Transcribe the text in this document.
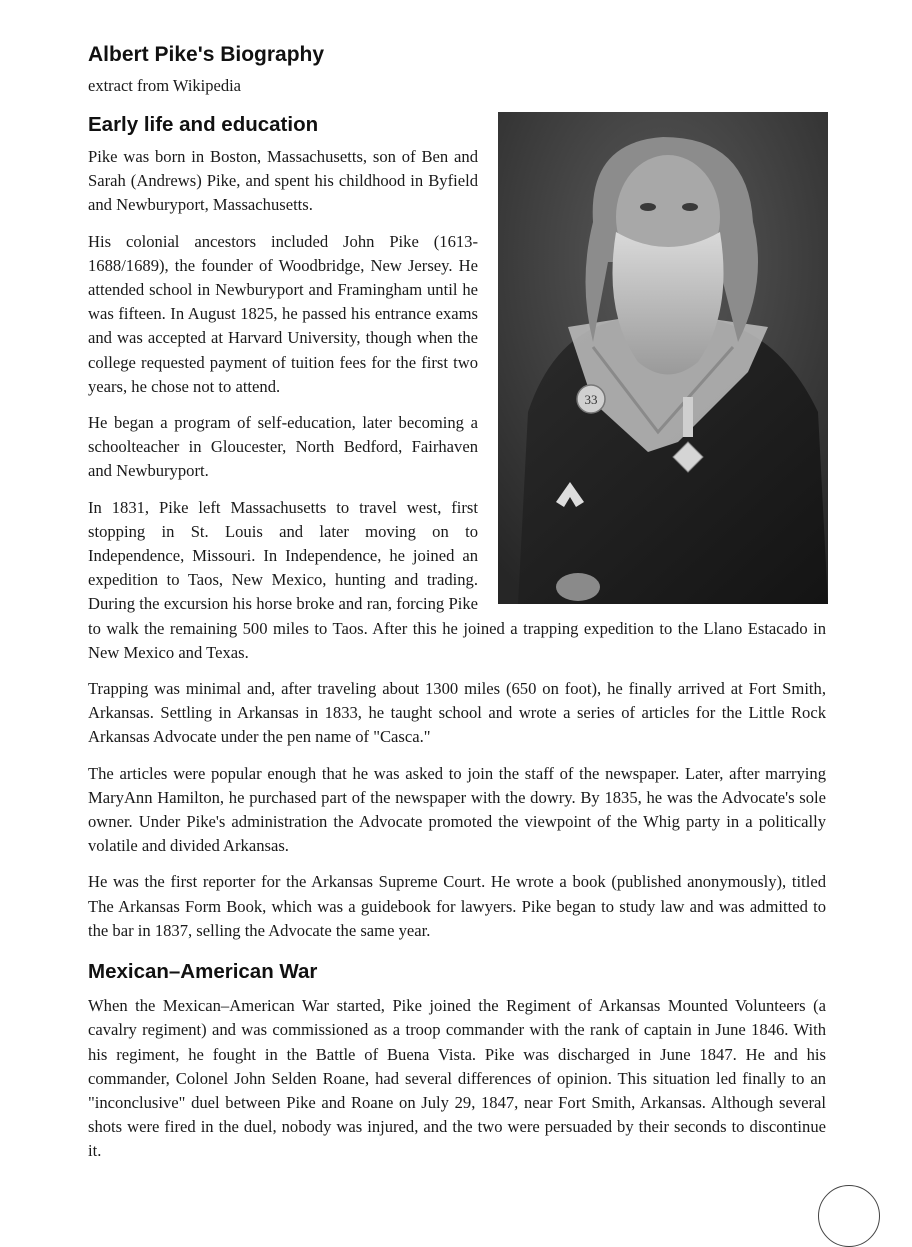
Albert Pike's Biography
extract from Wikipedia
Early life and education
33

Pike was born in Boston, Massachusetts, son of Ben and Sarah (Andrews) Pike, and spent his childhood in Byfield and Newburyport, Massachusetts.

His colonial ancestors included John Pike (1613-1688/1689), the founder of Woodbridge, New Jersey. He attended school in Newburyport and Framingham until he was fifteen. In August 1825, he passed his entrance exams and was accepted at Harvard University, though when the college requested payment of tuition fees for the first two years, he chose not to attend.

He began a program of self-education, later becoming a schoolteacher in Gloucester, North Bedford, Fairhaven and Newburyport.

In 1831, Pike left Massachusetts to travel west, first stopping in St. Louis and later moving on to Independence, Missouri. In Independence, he joined an expedition to Taos, New Mexico, hunting and trading. During the excursion his horse broke and ran, forcing Pike to walk the remaining 500 miles to Taos. After this he joined a trapping expedition to the Llano Estacado in New Mexico and Texas.

Trapping was minimal and, after traveling about 1300 miles (650 on foot), he finally arrived at Fort Smith, Arkansas. Settling in Arkansas in 1833, he taught school and wrote a series of articles for the Little Rock Arkansas Advocate under the pen name of "Casca."

The articles were popular enough that he was asked to join the staff of the newspaper. Later, after marrying MaryAnn Hamilton, he purchased part of the newspaper with the dowry. By 1835, he was the Advocate's sole owner. Under Pike's administration the Advocate promoted the viewpoint of the Whig party in a politically volatile and divided Arkansas.

He was the first reporter for the Arkansas Supreme Court. He wrote a book (published anonymously), titled The Arkansas Form Book, which was a guidebook for lawyers. Pike began to study law and was admitted to the bar in 1837, selling the Advocate the same year.

Mexican–American War

When the Mexican–American War started, Pike joined the Regiment of Arkansas Mounted Volunteers (a cavalry regiment) and was commissioned as a troop commander with the rank of captain in June 1846. With his regiment, he fought in the Battle of Buena Vista. Pike was discharged in June 1847. He and his commander, Colonel John Selden Roane, had several differences of opinion. This situation led finally to an "inconclusive" duel between Pike and Roane on July 29, 1847, near Fort Smith, Arkansas. Although several shots were fired in the duel, nobody was injured, and the two were persuaded by their seconds to discontinue it.
